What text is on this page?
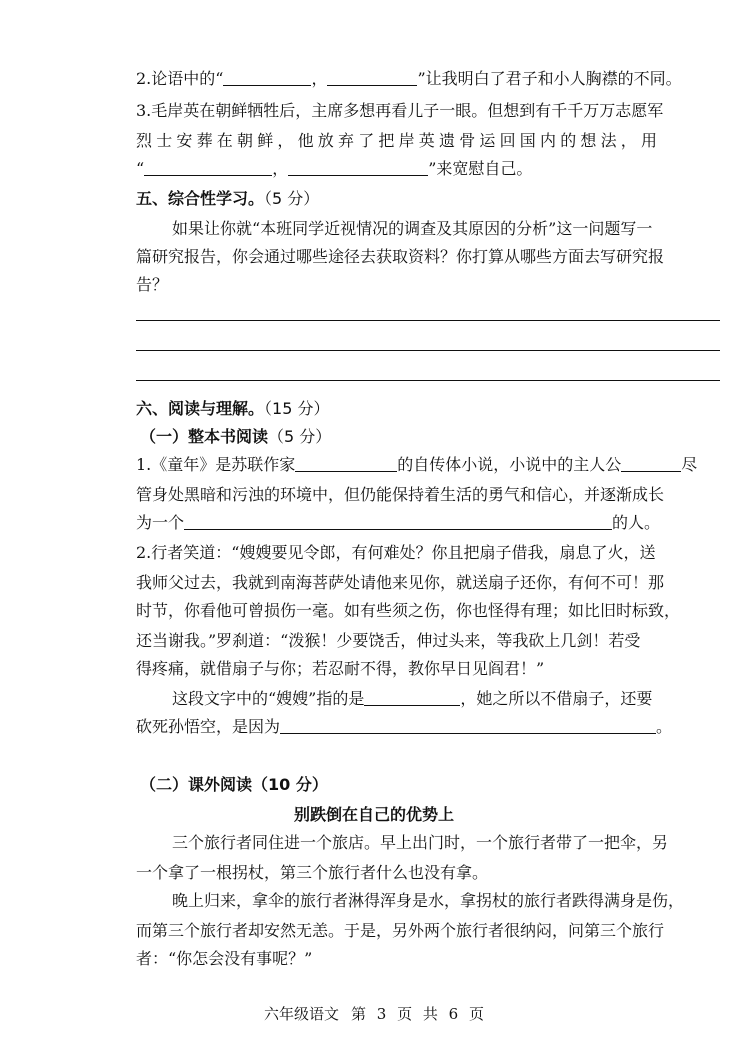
2.论语中的“	，	”让我明白了君子和小人胸襟的不同。
3.毛岸英在朝鲜牺牲后，主席多想再看儿子一眼。但想到有千千万万志愿军
烈士安葬在朝鲜，他放弃了把岸英遗骨运回国内的想法，用
“	，	”来宽慰自己。
五、综合性学习。（5 分）
如果让你就“本班同学近视情况的调查及其原因的分析”这一问题写一
篇研究报告，你会通过哪些途径去获取资料？你打算从哪些方面去写研究报
告？
六、阅读与理解。（15 分）
（一）整本书阅读（5 分）
1.《童年》是苏联作家	的自传体小说，小说中的主人公	尽
管身处黑暗和污浊的环境中，但仍能保持着生活的勇气和信心，并逐渐成长
为一个	的人。
2.行者笑道：“嫂嫂要见令郎，有何难处？你且把扇子借我，扇息了火，送
我师父过去，我就到南海菩萨处请他来见你，就送扇子还你，有何不可！那
时节，你看他可曾损伤一毫。如有些须之伤，你也怪得有理；如比旧时标致，
还当谢我。”罗刹道：“泼猴！少要饶舌，伸过头来，等我砍上几剑！若受
得疼痛，就借扇子与你；若忍耐不得，教你早日见阎君！”
这段文字中的“嫂嫂”指的是	，她之所以不借扇子，还要
砍死孙悟空，是因为	。
（二）课外阅读（10 分）
别跌倒在自己的优势上
三个旅行者同住进一个旅店。早上出门时，一个旅行者带了一把伞，另
一个拿了一根拐杖，第三个旅行者什么也没有拿。
晚上归来，拿伞的旅行者淋得浑身是水，拿拐杖的旅行者跌得满身是伤，
而第三个旅行者却安然无恙。于是，另外两个旅行者很纳闷，问第三个旅行
者：“你怎会没有事呢？”
六年级语文 第 3 页 共 6 页
